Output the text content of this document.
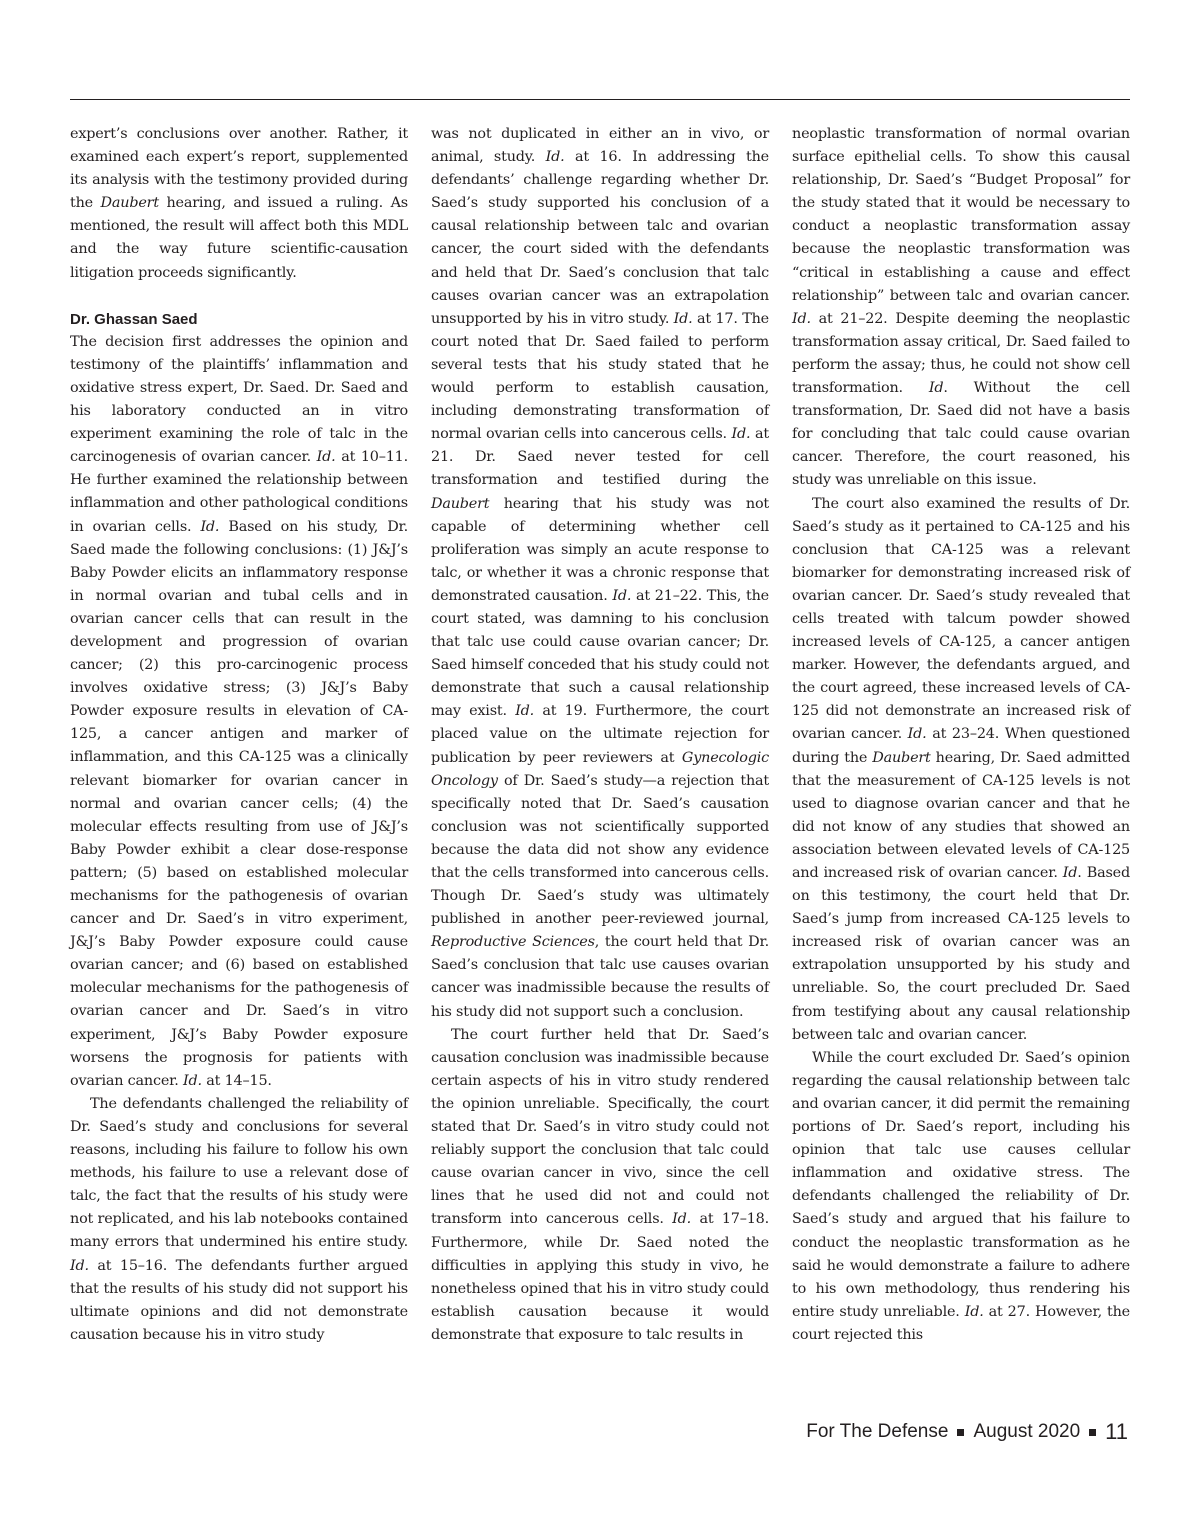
expert’s conclusions over another. Rather, it examined each expert’s report, supplemented its analysis with the testimony provided during the Daubert hearing, and issued a ruling. As mentioned, the result will affect both this MDL and the way future scientific-causation litigation proceeds significantly.

Dr. Ghassan Saed

The decision first addresses the opinion and testimony of the plaintiffs’ inflammation and oxidative stress expert, Dr. Saed. Dr. Saed and his laboratory conducted an in vitro experiment examining the role of talc in the carcinogenesis of ovarian cancer. Id. at 10–11. He further examined the relationship between inflammation and other pathological conditions in ovarian cells. Id. Based on his study, Dr. Saed made the following conclusions: (1) J&J’s Baby Powder elicits an inflammatory response in normal ovarian and tubal cells and in ovarian cancer cells that can result in the development and progression of ovarian cancer; (2) this pro-carcinogenic process involves oxidative stress; (3) J&J’s Baby Powder exposure results in elevation of CA-125, a cancer antigen and marker of inflammation, and this CA-125 was a clinically relevant biomarker for ovarian cancer in normal and ovarian cancer cells; (4) the molecular effects resulting from use of J&J’s Baby Powder exhibit a clear dose-response pattern; (5) based on established molecular mechanisms for the pathogenesis of ovarian cancer and Dr. Saed’s in vitro experiment, J&J’s Baby Powder exposure could cause ovarian cancer; and (6) based on established molecular mechanisms for the pathogenesis of ovarian cancer and Dr. Saed’s in vitro experiment, J&J’s Baby Powder exposure worsens the prognosis for patients with ovarian cancer. Id. at 14–15.

The defendants challenged the reliability of Dr. Saed’s study and conclusions for several reasons, including his failure to follow his own methods, his failure to use a relevant dose of talc, the fact that the results of his study were not replicated, and his lab notebooks contained many errors that undermined his entire study. Id. at 15–16. The defendants further argued that the results of his study did not support his ultimate opinions and did not demonstrate causation because his in vitro study

was not duplicated in either an in vivo, or animal, study. Id. at 16. In addressing the defendants’ challenge regarding whether Dr. Saed’s study supported his conclusion of a causal relationship between talc and ovarian cancer, the court sided with the defendants and held that Dr. Saed’s conclusion that talc causes ovarian cancer was an extrapolation unsupported by his in vitro study. Id. at 17. The court noted that Dr. Saed failed to perform several tests that his study stated that he would perform to establish causation, including demonstrating transformation of normal ovarian cells into cancerous cells. Id. at 21. Dr. Saed never tested for cell transformation and testified during the Daubert hearing that his study was not capable of determining whether cell proliferation was simply an acute response to talc, or whether it was a chronic response that demonstrated causation. Id. at 21–22. This, the court stated, was damning to his conclusion that talc use could cause ovarian cancer; Dr. Saed himself conceded that his study could not demonstrate that such a causal relationship may exist. Id. at 19. Furthermore, the court placed value on the ultimate rejection for publication by peer reviewers at Gynecologic Oncology of Dr. Saed’s study—a rejection that specifically noted that Dr. Saed’s causation conclusion was not scientifically supported because the data did not show any evidence that the cells transformed into cancerous cells. Though Dr. Saed’s study was ultimately published in another peer-reviewed journal, Reproductive Sciences, the court held that Dr. Saed’s conclusion that talc use causes ovarian cancer was inadmissible because the results of his study did not support such a conclusion.

The court further held that Dr. Saed’s causation conclusion was inadmissible because certain aspects of his in vitro study rendered the opinion unreliable. Specifically, the court stated that Dr. Saed’s in vitro study could not reliably support the conclusion that talc could cause ovarian cancer in vivo, since the cell lines that he used did not and could not transform into cancerous cells. Id. at 17–18. Furthermore, while Dr. Saed noted the difficulties in applying this study in vivo, he nonetheless opined that his in vitro study could establish causation because it would demonstrate that exposure to talc results in

neoplastic transformation of normal ovarian surface epithelial cells. To show this causal relationship, Dr. Saed’s “Budget Proposal” for the study stated that it would be necessary to conduct a neoplastic transformation assay because the neoplastic transformation was “critical in establishing a cause and effect relationship” between talc and ovarian cancer. Id. at 21–22. Despite deeming the neoplastic transformation assay critical, Dr. Saed failed to perform the assay; thus, he could not show cell transformation. Id. Without the cell transformation, Dr. Saed did not have a basis for concluding that talc could cause ovarian cancer. Therefore, the court reasoned, his study was unreliable on this issue.

The court also examined the results of Dr. Saed’s study as it pertained to CA-125 and his conclusion that CA-125 was a relevant biomarker for demonstrating increased risk of ovarian cancer. Dr. Saed’s study revealed that cells treated with talcum powder showed increased levels of CA-125, a cancer antigen marker. However, the defendants argued, and the court agreed, these increased levels of CA-125 did not demonstrate an increased risk of ovarian cancer. Id. at 23–24. When questioned during the Daubert hearing, Dr. Saed admitted that the measurement of CA-125 levels is not used to diagnose ovarian cancer and that he did not know of any studies that showed an association between elevated levels of CA-125 and increased risk of ovarian cancer. Id. Based on this testimony, the court held that Dr. Saed’s jump from increased CA-125 levels to increased risk of ovarian cancer was an extrapolation unsupported by his study and unreliable. So, the court precluded Dr. Saed from testifying about any causal relationship between talc and ovarian cancer.

While the court excluded Dr. Saed’s opinion regarding the causal relationship between talc and ovarian cancer, it did permit the remaining portions of Dr. Saed’s report, including his opinion that talc use causes cellular inflammation and oxidative stress. The defendants challenged the reliability of Dr. Saed’s study and argued that his failure to conduct the neoplastic transformation as he said he would demonstrate a failure to adhere to his own methodology, thus rendering his entire study unreliable. Id. at 27. However, the court rejected this

For The Defense August 2020 11
